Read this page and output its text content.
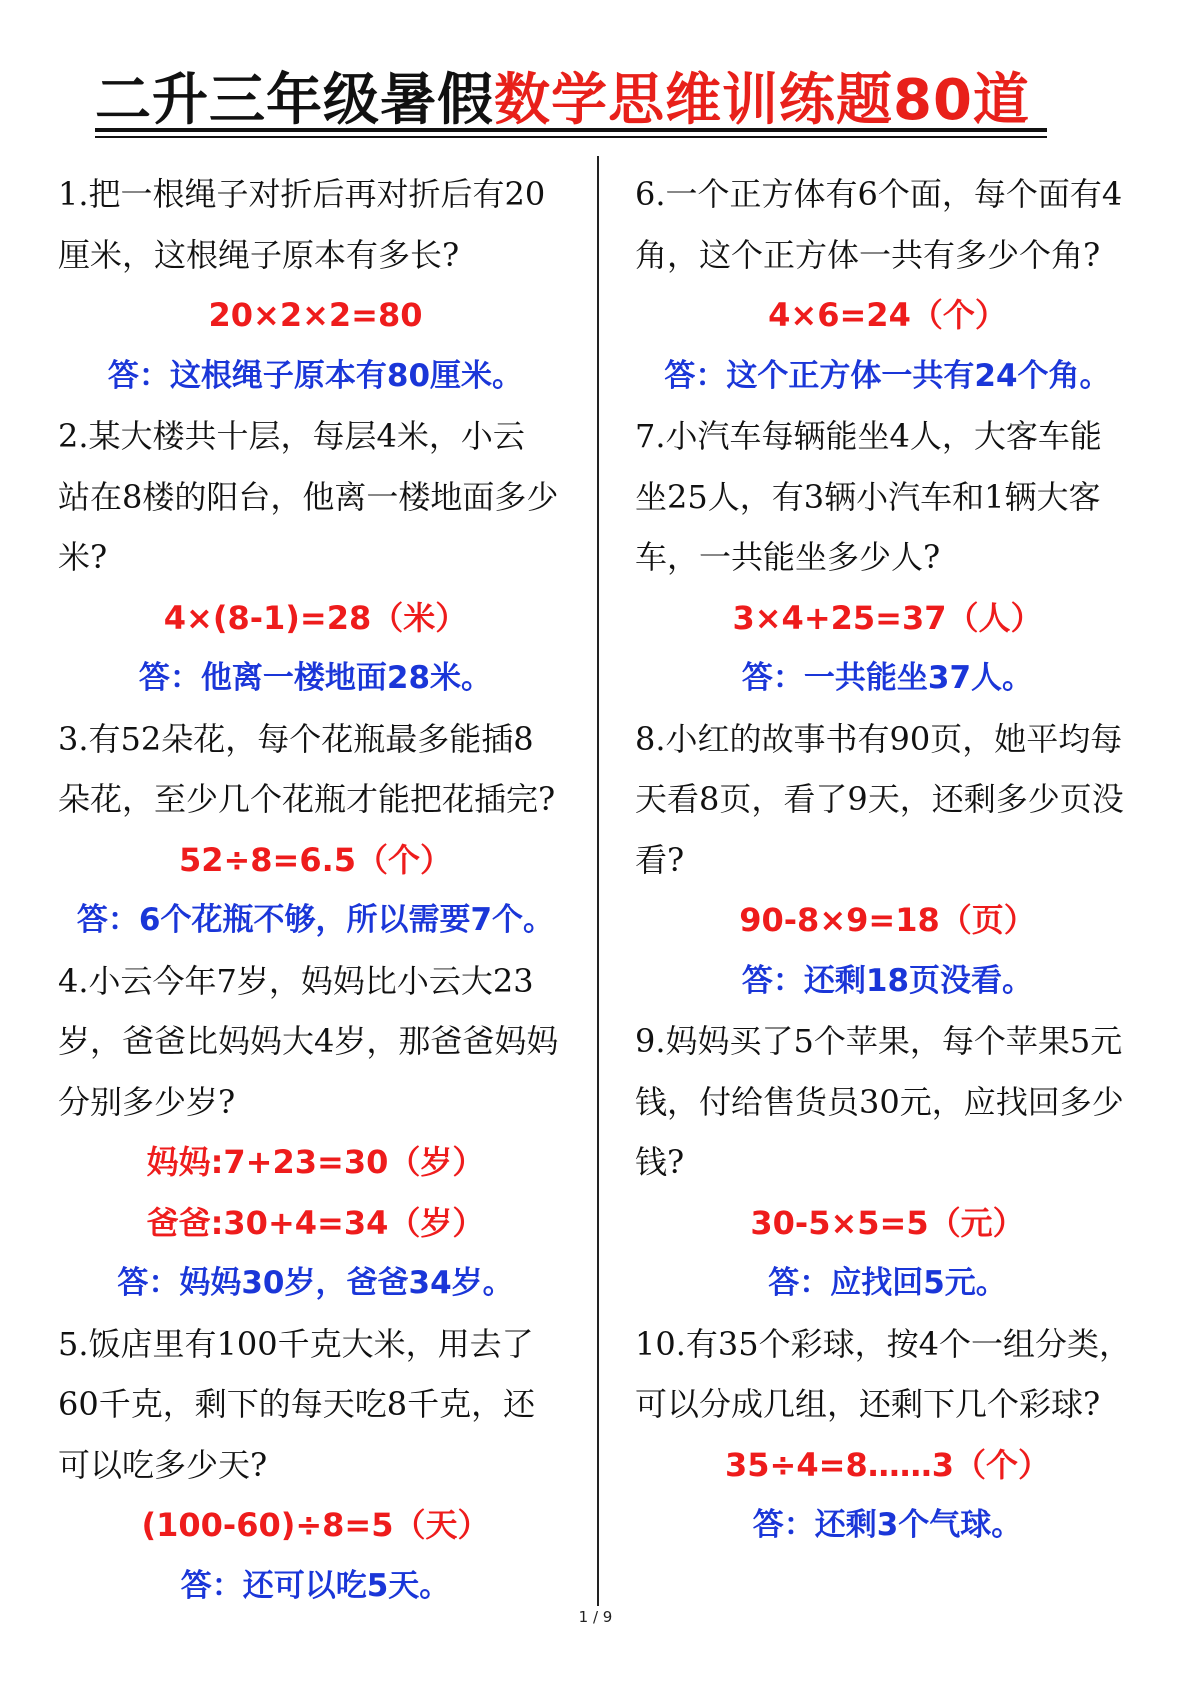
二升三年级暑假数学思维训练题80道
1.把一根绳子对折后再对折后有20
厘米，这根绳子原本有多长?
20×2×2=80
答：这根绳子原本有80厘米。
2.某大楼共十层，每层4米，小云
站在8楼的阳台，他离一楼地面多少
米?
4×(8-1)=28（米）
答：他离一楼地面28米。
3.有52朵花，每个花瓶最多能插8
朵花，至少几个花瓶才能把花插完?
52÷8=6.5（个）
答：6个花瓶不够，所以需要7个。
4.小云今年7岁，妈妈比小云大23
岁，爸爸比妈妈大4岁，那爸爸妈妈
分别多少岁?
妈妈:7+23=30（岁）
爸爸:30+4=34（岁）
答：妈妈30岁，爸爸34岁。
5.饭店里有100千克大米，用去了
60千克，剩下的每天吃8千克，还
可以吃多少天?
(100-60)÷8=5（天）
答：还可以吃5天。
6.一个正方体有6个面，每个面有4
角，这个正方体一共有多少个角?
4×6=24（个）
答：这个正方体一共有24个角。
7.小汽车每辆能坐4人，大客车能
坐25人，有3辆小汽车和1辆大客
车，一共能坐多少人?
3×4+25=37（人）
答：一共能坐37人。
8.小红的故事书有90页，她平均每
天看8页，看了9天，还剩多少页没
看?
90-8×9=18（页）
答：还剩18页没看。
9.妈妈买了5个苹果，每个苹果5元
钱，付给售货员30元，应找回多少
钱?
30-5×5=5（元）
答：应找回5元。
10.有35个彩球，按4个一组分类，
可以分成几组，还剩下几个彩球?
35÷4=8……3（个）
答：还剩3个气球。
1 / 9
